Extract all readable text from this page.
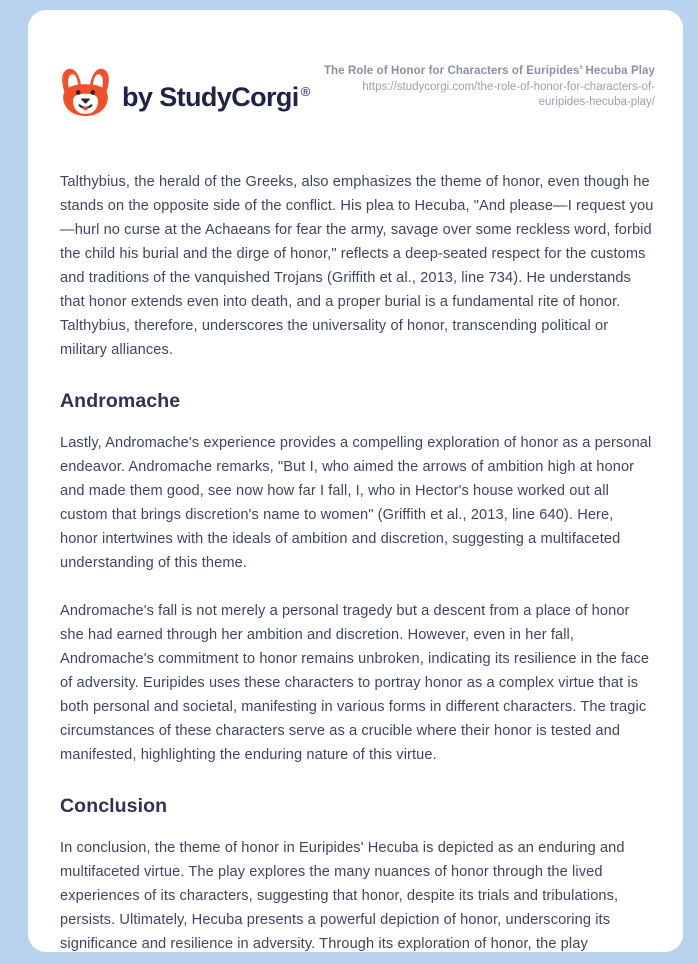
by StudyCorgi ®
The Role of Honor for Characters of Euripides’ Hecuba Play
https://studycorgi.com/the-role-of-honor-for-characters-of-euripides-hecuba-play/

Talthybius, the herald of the Greeks, also emphasizes the theme of honor, even though he stands on the opposite side of the conflict. His plea to Hecuba, "And please—I request you—hurl no curse at the Achaeans for fear the army, savage over some reckless word, forbid the child his burial and the dirge of honor," reflects a deep-seated respect for the customs and traditions of the vanquished Trojans (Griffith et al., 2013, line 734). He understands that honor extends even into death, and a proper burial is a fundamental rite of honor. Talthybius, therefore, underscores the universality of honor, transcending political or military alliances.

Andromache

Lastly, Andromache's experience provides a compelling exploration of honor as a personal endeavor. Andromache remarks, "But I, who aimed the arrows of ambition high at honor and made them good, see now how far I fall, I, who in Hector's house worked out all custom that brings discretion's name to women" (Griffith et al., 2013, line 640). Here, honor intertwines with the ideals of ambition and discretion, suggesting a multifaceted understanding of this theme.

Andromache's fall is not merely a personal tragedy but a descent from a place of honor she had earned through her ambition and discretion. However, even in her fall, Andromache's commitment to honor remains unbroken, indicating its resilience in the face of adversity. Euripides uses these characters to portray honor as a complex virtue that is both personal and societal, manifesting in various forms in different characters. The tragic circumstances of these characters serve as a crucible where their honor is tested and manifested, highlighting the enduring nature of this virtue.

Conclusion

In conclusion, the theme of honor in Euripides' Hecuba is depicted as an enduring and multifaceted virtue. The play explores the many nuances of honor through the lived experiences of its characters, suggesting that honor, despite its trials and tribulations, persists. Ultimately, Hecuba presents a powerful depiction of honor, underscoring its significance and resilience in adversity. Through its exploration of honor, the play
